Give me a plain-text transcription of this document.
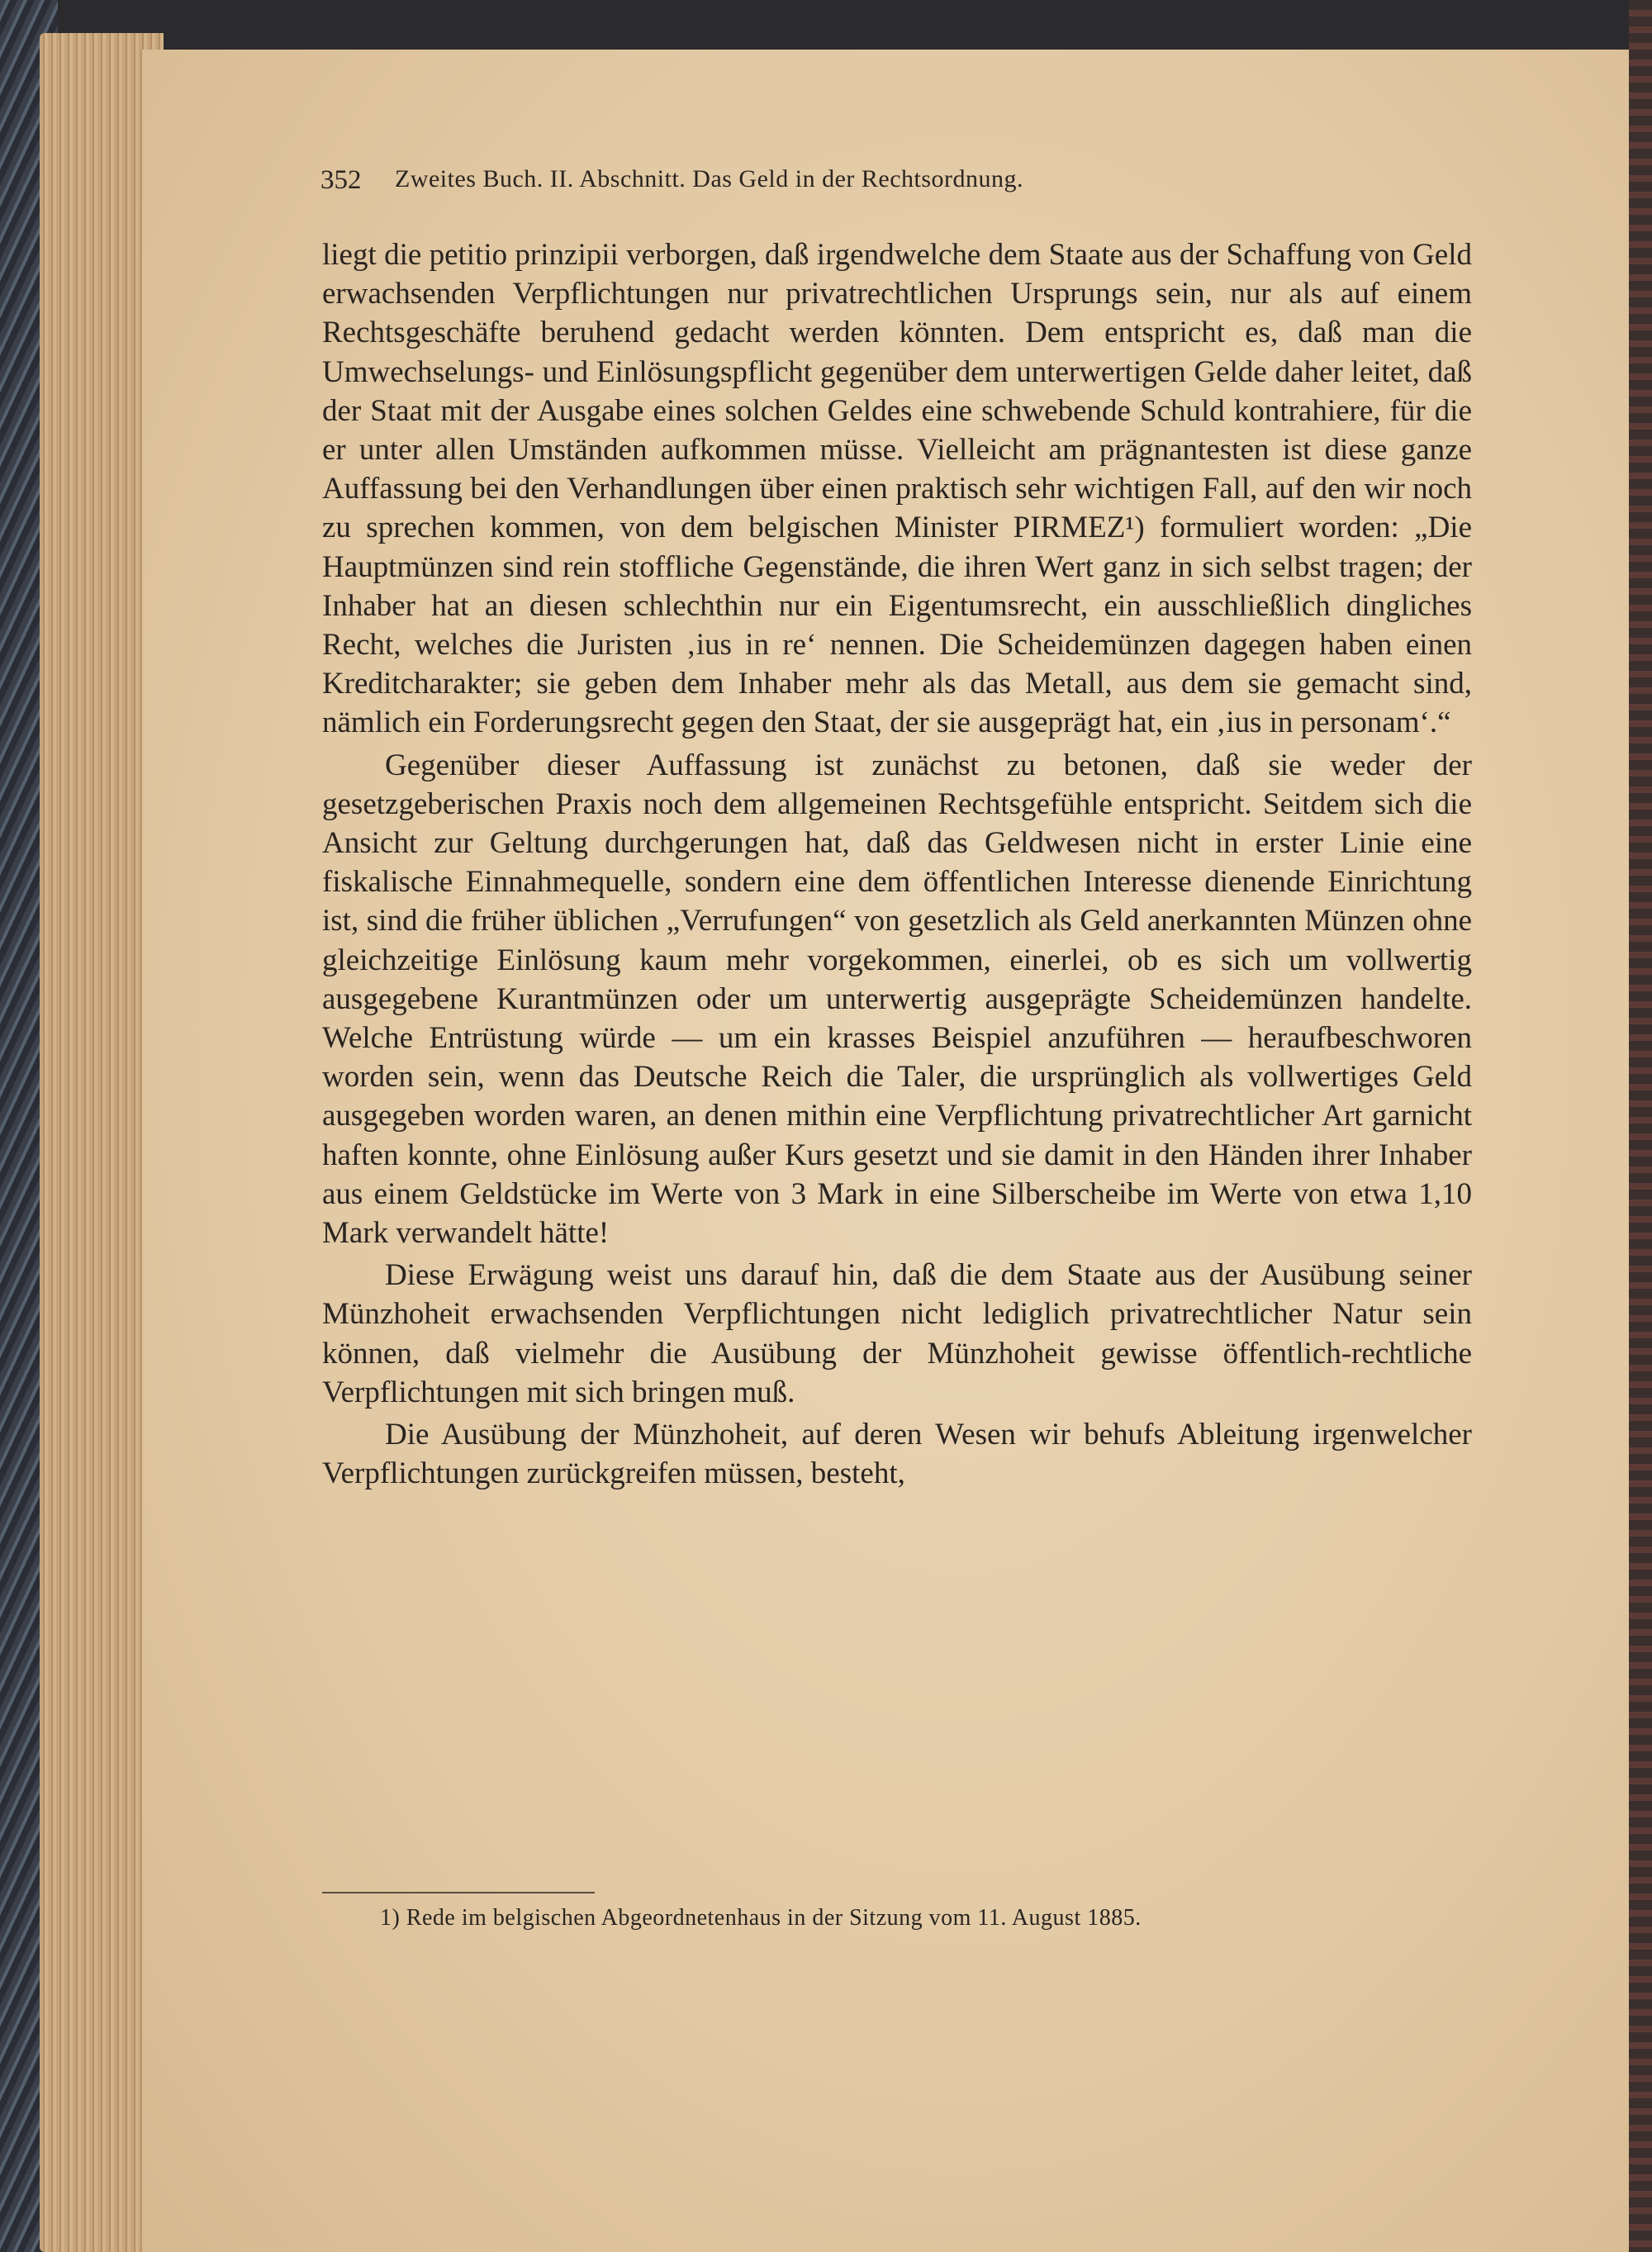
352 Zweites Buch. II. Abschnitt. Das Geld in der Rechtsordnung.

liegt die petitio prinzipii verborgen, daß irgendwelche dem Staate aus der Schaffung von Geld erwachsenden Verpflichtungen nur privatrechtlichen Ursprungs sein, nur als auf einem Rechtsgeschäfte beruhend gedacht werden könnten. Dem entspricht es, daß man die Umwechselungs- und Einlösungspflicht gegenüber dem unterwertigen Gelde daher leitet, daß der Staat mit der Ausgabe eines solchen Geldes eine schwebende Schuld kontrahiere, für die er unter allen Umständen aufkommen müsse. Vielleicht am prägnantesten ist diese ganze Auffassung bei den Verhandlungen über einen praktisch sehr wichtigen Fall, auf den wir noch zu sprechen kommen, von dem belgischen Minister PIRMEZ¹) formuliert worden: „Die Hauptmünzen sind rein stoffliche Gegenstände, die ihren Wert ganz in sich selbst tragen; der Inhaber hat an diesen schlechthin nur ein Eigentumsrecht, ein ausschließlich dingliches Recht, welches die Juristen ‚ius in re‘ nennen. Die Scheidemünzen dagegen haben einen Kreditcharakter; sie geben dem Inhaber mehr als das Metall, aus dem sie gemacht sind, nämlich ein Forderungsrecht gegen den Staat, der sie ausgeprägt hat, ein ‚ius in personam‘.“

Gegenüber dieser Auffassung ist zunächst zu betonen, daß sie weder der gesetzgeberischen Praxis noch dem allgemeinen Rechtsgefühle entspricht. Seitdem sich die Ansicht zur Geltung durchgerungen hat, daß das Geldwesen nicht in erster Linie eine fiskalische Einnahmequelle, sondern eine dem öffentlichen Interesse dienende Einrichtung ist, sind die früher üblichen „Verrufungen“ von gesetzlich als Geld anerkannten Münzen ohne gleichzeitige Einlösung kaum mehr vorgekommen, einerlei, ob es sich um vollwertig ausgegebene Kurantmünzen oder um unterwertig ausgeprägte Scheidemünzen handelte. Welche Entrüstung würde — um ein krasses Beispiel anzuführen — heraufbeschworen worden sein, wenn das Deutsche Reich die Taler, die ursprünglich als vollwertiges Geld ausgegeben worden waren, an denen mithin eine Verpflichtung privatrechtlicher Art garnicht haften konnte, ohne Einlösung außer Kurs gesetzt und sie damit in den Händen ihrer Inhaber aus einem Geldstücke im Werte von 3 Mark in eine Silberscheibe im Werte von etwa 1,10 Mark verwandelt hätte!

Diese Erwägung weist uns darauf hin, daß die dem Staate aus der Ausübung seiner Münzhoheit erwachsenden Verpflichtungen nicht lediglich privatrechtlicher Natur sein können, daß vielmehr die Ausübung der Münzhoheit gewisse öffentlich-rechtliche Verpflichtungen mit sich bringen muß.

Die Ausübung der Münzhoheit, auf deren Wesen wir behufs Ableitung irgenwelcher Verpflichtungen zurückgreifen müssen, besteht,

1) Rede im belgischen Abgeordnetenhaus in der Sitzung vom 11. August 1885.
